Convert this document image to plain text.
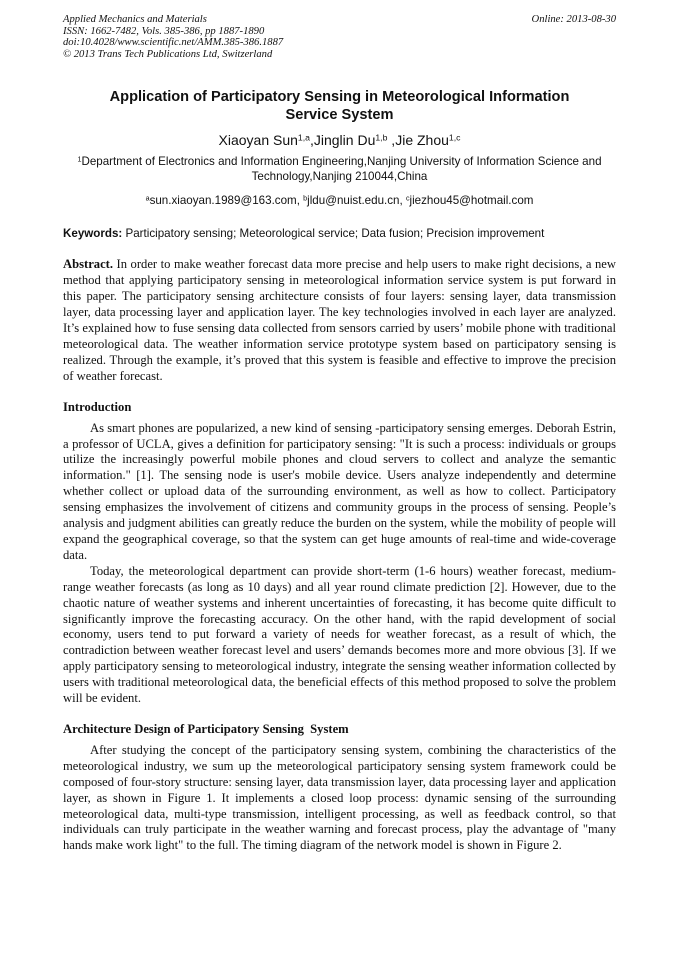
Applied Mechanics and Materials
ISSN: 1662-7482, Vols. 385-386, pp 1887-1890
doi:10.4028/www.scientific.net/AMM.385-386.1887
© 2013 Trans Tech Publications Ltd, Switzerland
Online: 2013-08-30
Application of Participatory Sensing in Meteorological Information Service System
Xiaoyan Sun$^{1,a}$,Jinglin Du$^{1,b}$ ,Jie Zhou$^{1,c}$
$^1$Department of Electronics and Information Engineering,Nanjing University of Information Science and Technology,Nanjing 210044,China
$^a$sun.xiaoyan.1989@163.com, $^b$jldu@nuist.edu.cn, $^c$jiezhou45@hotmail.com
Keywords: Participatory sensing; Meteorological service; Data fusion; Precision improvement
Abstract. In order to make weather forecast data more precise and help users to make right decisions, a new method that applying participatory sensing in meteorological information service system is put forward in this paper. The participatory sensing architecture consists of four layers: sensing layer, data transmission layer, data processing layer and application layer. The key technologies involved in each layer are analyzed. It’s explained how to fuse sensing data collected from sensors carried by users’ mobile phone with traditional meteorological data. The weather information service prototype system based on participatory sensing is realized. Through the example, it’s proved that this system is feasible and effective to improve the precision of weather forecast.
Introduction

As smart phones are popularized, a new kind of sensing -participatory sensing emerges. Deborah Estrin, a professor of UCLA, gives a definition for participatory sensing: "It is such a process: individuals or groups utilize the increasingly powerful mobile phones and cloud servers to collect and analyze the semantic information." [1]. The sensing node is user's mobile device. Users analyze independently and determine whether collect or upload data of the surrounding environment, as well as how to collect. Participatory sensing emphasizes the involvement of citizens and community groups in the process of sensing. People’s analysis and judgment abilities can greatly reduce the burden on the system, while the mobility of people will expand the geographical coverage, so that the system can get huge amounts of real-time and wide-coverage data.

Today, the meteorological department can provide short-term (1-6 hours) weather forecast, medium-range weather forecasts (as long as 10 days) and all year round climate prediction [2]. However, due to the chaotic nature of weather systems and inherent uncertainties of forecasting, it has become quite difficult to significantly improve the forecasting accuracy. On the other hand, with the rapid development of social economy, users tend to put forward a variety of needs for weather forecast, as a result of which, the contradiction between weather forecast level and users’ demands becomes more and more obvious [3]. If we apply participatory sensing to meteorological industry, integrate the sensing weather information collected by users with traditional meteorological data, the beneficial effects of this method proposed to solve the problem will be evident.

Architecture Design of Participatory Sensing  System

After studying the concept of the participatory sensing system, combining the characteristics of the meteorological industry, we sum up the meteorological participatory sensing system framework could be composed of four-story structure: sensing layer, data transmission layer, data processing layer and application layer, as shown in Figure 1. It implements a closed loop process: dynamic sensing of the surrounding meteorological data, multi-type transmission, intelligent processing, as well as feedback control, so that individuals can truly participate in the weather warning and forecast process, play the advantage of "many hands make work light" to the full. The timing diagram of the network model is shown in Figure 2.
